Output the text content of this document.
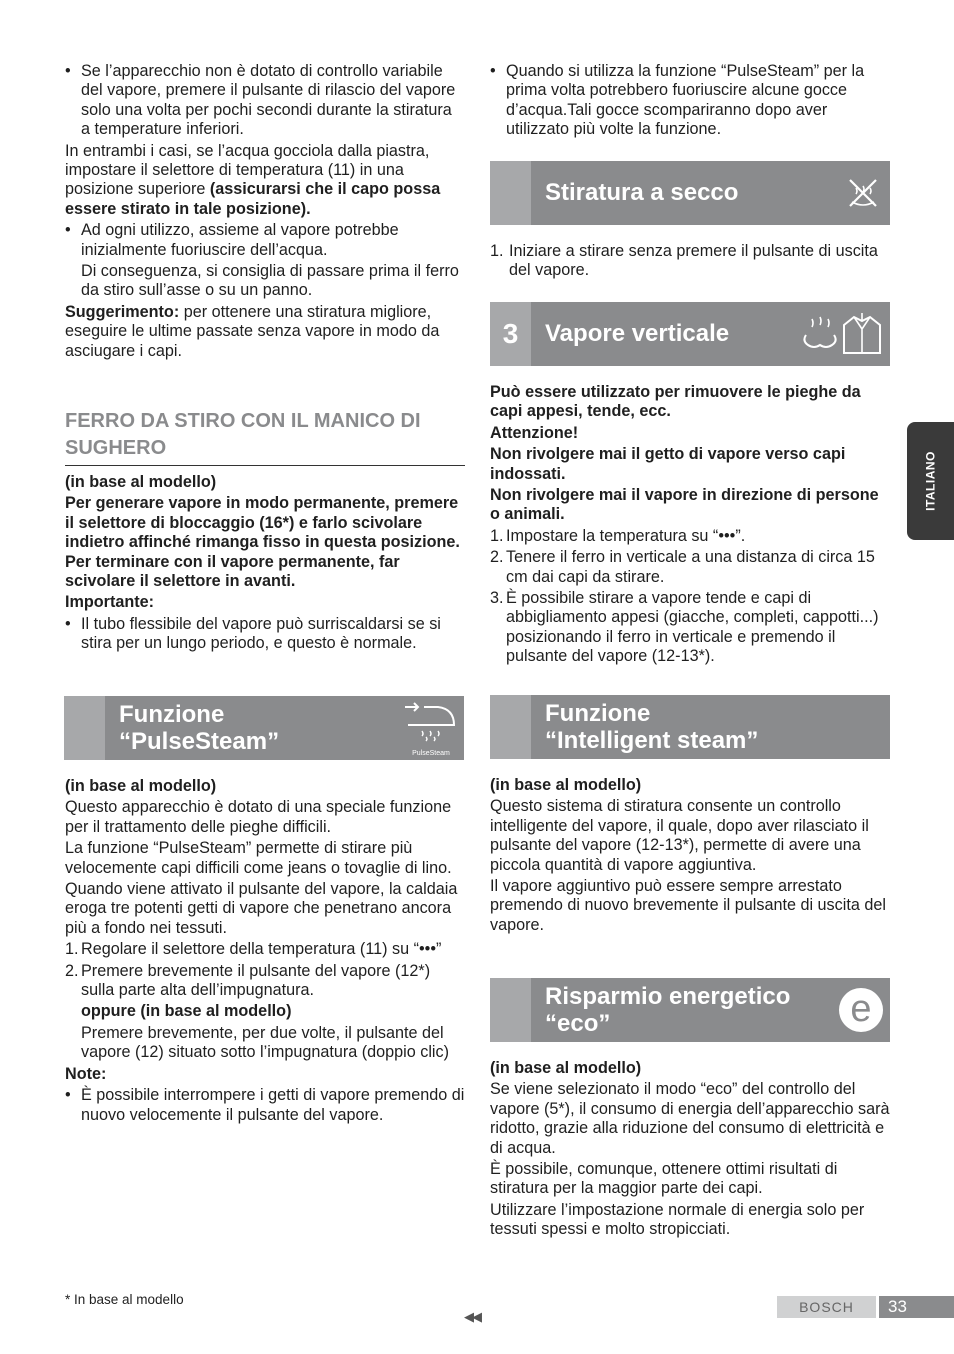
• Se l’apparecchio non è dotato di controllo variabile del vapore, premere il pulsante di rilascio del vapore solo una volta per pochi secondi durante la stiratura a temperature inferiori.

In entrambi i casi, se l’acqua gocciola dalla piastra, impostare il selettore di temperatura (11) in una posizione superiore (assicurarsi che il capo possa essere stirato in tale posizione).

• Ad ogni utilizzo, assieme al vapore potrebbe inizialmente fuoriuscire dell’acqua.

Di conseguenza, si consiglia di passare prima il ferro da stiro sull’asse o su un panno.

Suggerimento: per ottenere una stiratura migliore, eseguire le ultime passate senza vapore in modo da asciugare i capi.

FERRO DA STIRO CON IL MANICO DI SUGHERO

(in base al modello)

Per generare vapore in modo permanente, premere il selettore di bloccaggio (16*) e farlo scivolare indietro affinché rimanga fisso in questa posizione. Per terminare con il vapore permanente, far scivolare il selettore in avanti.

Importante:

• Il tubo flessibile del vapore può surriscaldarsi se si stira per un lungo periodo, e questo è normale.
Funzione
“PulseSteam”	PulseSteam

(in base al modello)

Questo apparecchio è dotato di una speciale funzione per il trattamento delle pieghe difficili.

La funzione “PulseSteam” permette di stirare più velocemente capi difficili come jeans o tovaglie di lino.

Quando viene attivato il pulsante del vapore, la caldaia eroga tre potenti getti di vapore che penetrano ancora più a fondo nei tessuti.

1. Regolare il selettore della temperatura (11) su “•••”
2. Premere brevemente il pulsante del vapore (12*) sulla parte alta dell’impugnatura.

oppure (in base al modello)

Premere brevemente, per due volte, il pulsante del vapore (12) situato sotto l’impugnatura (doppio clic)

Note:

• È possibile interrompere i getti di vapore premendo di nuovo velocemente il pulsante del vapore.
• Quando si utilizza la funzione “PulseSteam” per la prima volta potrebbero fuoriuscire alcune gocce d’acqua.Tali gocce scompariranno dopo aver utilizzato più volte la funzione.
Stiratura a secco
1. Iniziare a stirare senza premere il pulsante di uscita del vapore.
3	Vapore verticale

Può essere utilizzato per rimuovere le pieghe da capi appesi, tende, ecc.

Attenzione!

Non rivolgere mai il getto di vapore verso capi indossati.

Non rivolgere mai il vapore in direzione di persone o animali.

1. Impostare la temperatura su “•••”.
2. Tenere il ferro in verticale a una distanza di circa 15 cm dai capi da stirare.
3. È possibile stirare a vapore tende e capi di abbigliamento appesi (giacche, completi, cappotti...) posizionando il ferro in verticale e premendo il pulsante del vapore (12-13*).
Funzione
“Intelligent steam”

(in base al modello)

Questo sistema di stiratura consente un controllo intelligente del vapore, il quale, dopo aver rilasciato il pulsante del vapore (12-13*), permette di avere una piccola quantità di vapore aggiuntiva.

Il vapore aggiuntivo può essere sempre arrestato premendo di nuovo brevemente il pulsante di uscita del vapore.

Risparmio energetico
“eco”	e

(in base al modello)

Se viene selezionato il modo “eco” del controllo del vapore (5*), il consumo di energia dell’apparecchio sarà ridotto, grazie alla riduzione del consumo di elettricità e di acqua.

È possibile, comunque, ottenere ottimi risultati di stiratura per la maggior parte dei capi.

Utilizzare l’impostazione normale di energia solo per tessuti spessi e molto stropicciati.

ITALIANO
* In base al modello
◀◀
BOSCH	33
